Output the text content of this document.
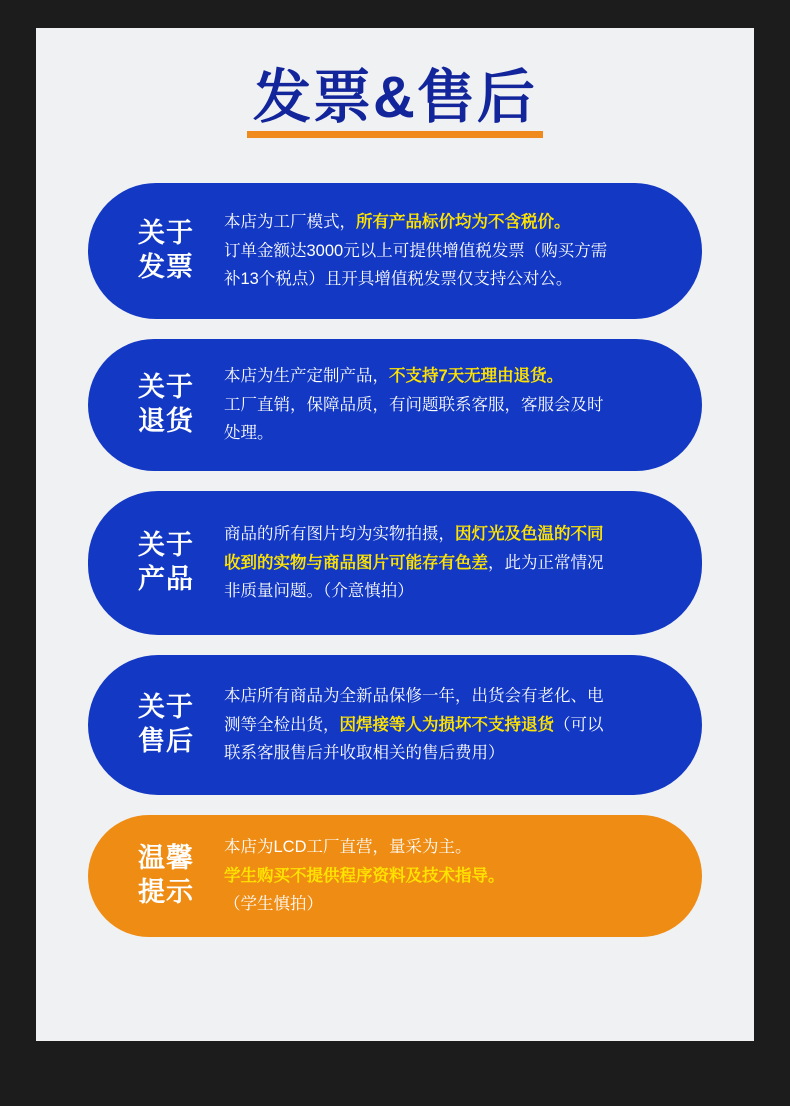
发票&售后
关于
发票

本店为工厂模式，所有产品标价均为不含税价。

订单金额达3000元以上可提供增值税发票（购买方需

补13个税点）且开具增值税发票仅支持公对公。

关于
退货

本店为生产定制产品，不支持7天无理由退货。

工厂直销，保障品质，有问题联系客服，客服会及时

处理。

关于
产品

商品的所有图片均为实物拍摄，因灯光及色温的不同

收到的实物与商品图片可能存有色差，此为正常情况

非质量问题。（介意慎拍）

关于
售后

本店所有商品为全新品保修一年，出货会有老化、电

测等全检出货，因焊接等人为损坏不支持退货（可以

联系客服售后并收取相关的售后费用）

温馨
提示

本店为LCD工厂直营，量采为主。

学生购买不提供程序资料及技术指导。

（学生慎拍）
